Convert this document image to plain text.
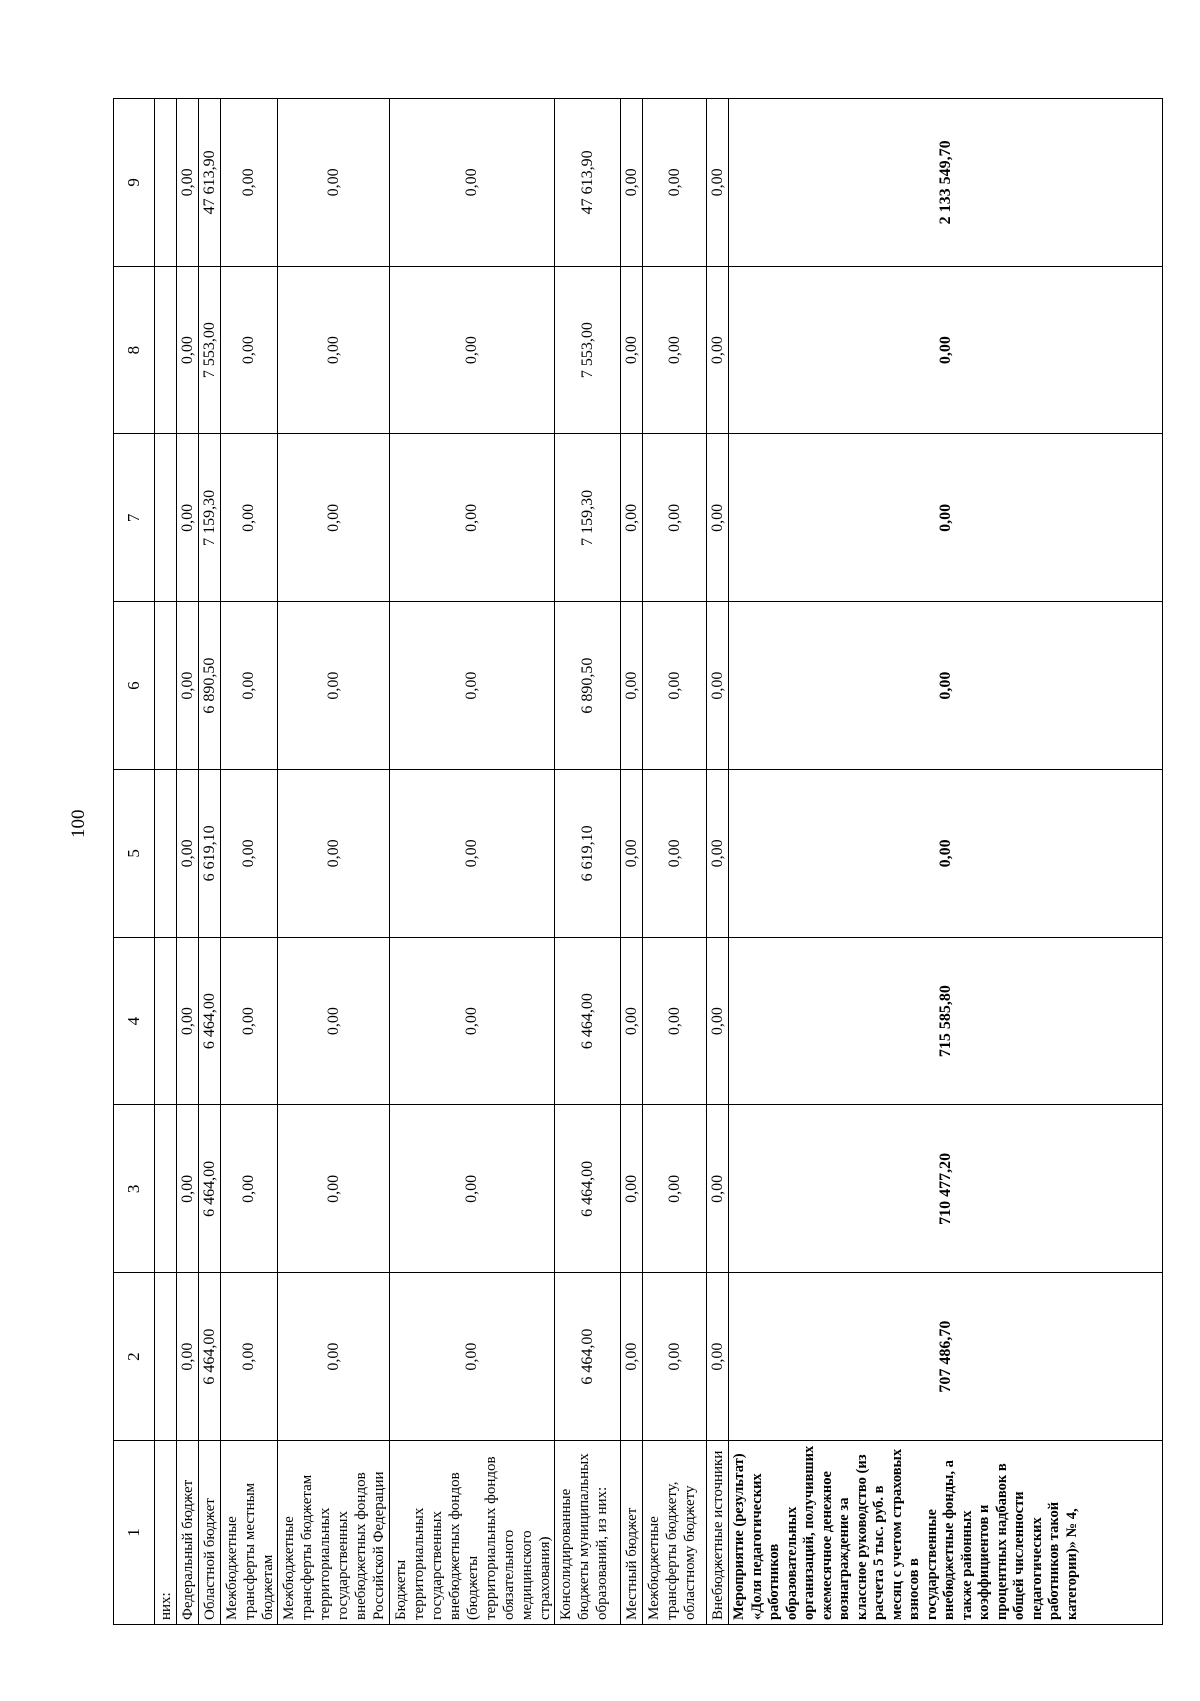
100
1	2	3	4	5	6	7	8	9
них:								
Федеральный бюджет	0,00	0,00	0,00	0,00	0,00	0,00	0,00	0,00
Областной бюджет	6 464,00	6 464,00	6 464,00	6 619,10	6 890,50	7 159,30	7 553,00	47 613,90
Межбюджетные трансферты местным бюджетам	0,00	0,00	0,00	0,00	0,00	0,00	0,00	0,00
Межбюджетные трансферты бюджетам территориальных государственных внебюджетных фондов Российской Федерации	0,00	0,00	0,00	0,00	0,00	0,00	0,00	0,00
Бюджеты территориальных государственных внебюджетных фондов (бюджеты территориальных фондов обязательного медицинского страхования)	0,00	0,00	0,00	0,00	0,00	0,00	0,00	0,00
Консолидированные бюджеты муниципальных образований, из них:	6 464,00	6 464,00	6 464,00	6 619,10	6 890,50	7 159,30	7 553,00	47 613,90
Местный бюджет	0,00	0,00	0,00	0,00	0,00	0,00	0,00	0,00
Межбюджетные трансферты бюджету, областному бюджету	0,00	0,00	0,00	0,00	0,00	0,00	0,00	0,00
Внебюджетные источники	0,00	0,00	0,00	0,00	0,00	0,00	0,00	0,00
Мероприятие (результат) «Доля педагогических работников образовательных организаций, получивших ежемесячное денежное вознаграждение за классное руководство (из расчета 5 тыс. руб. в месяц с учетом страховых взносов в государственные внебюджетные фонды, а также районных коэффициентов и процентных надбавок в общей численности педагогических работников такой категории)» № 4,	707 486,70	710 477,20	715 585,80	0,00	0,00	0,00	0,00	2 133 549,70
